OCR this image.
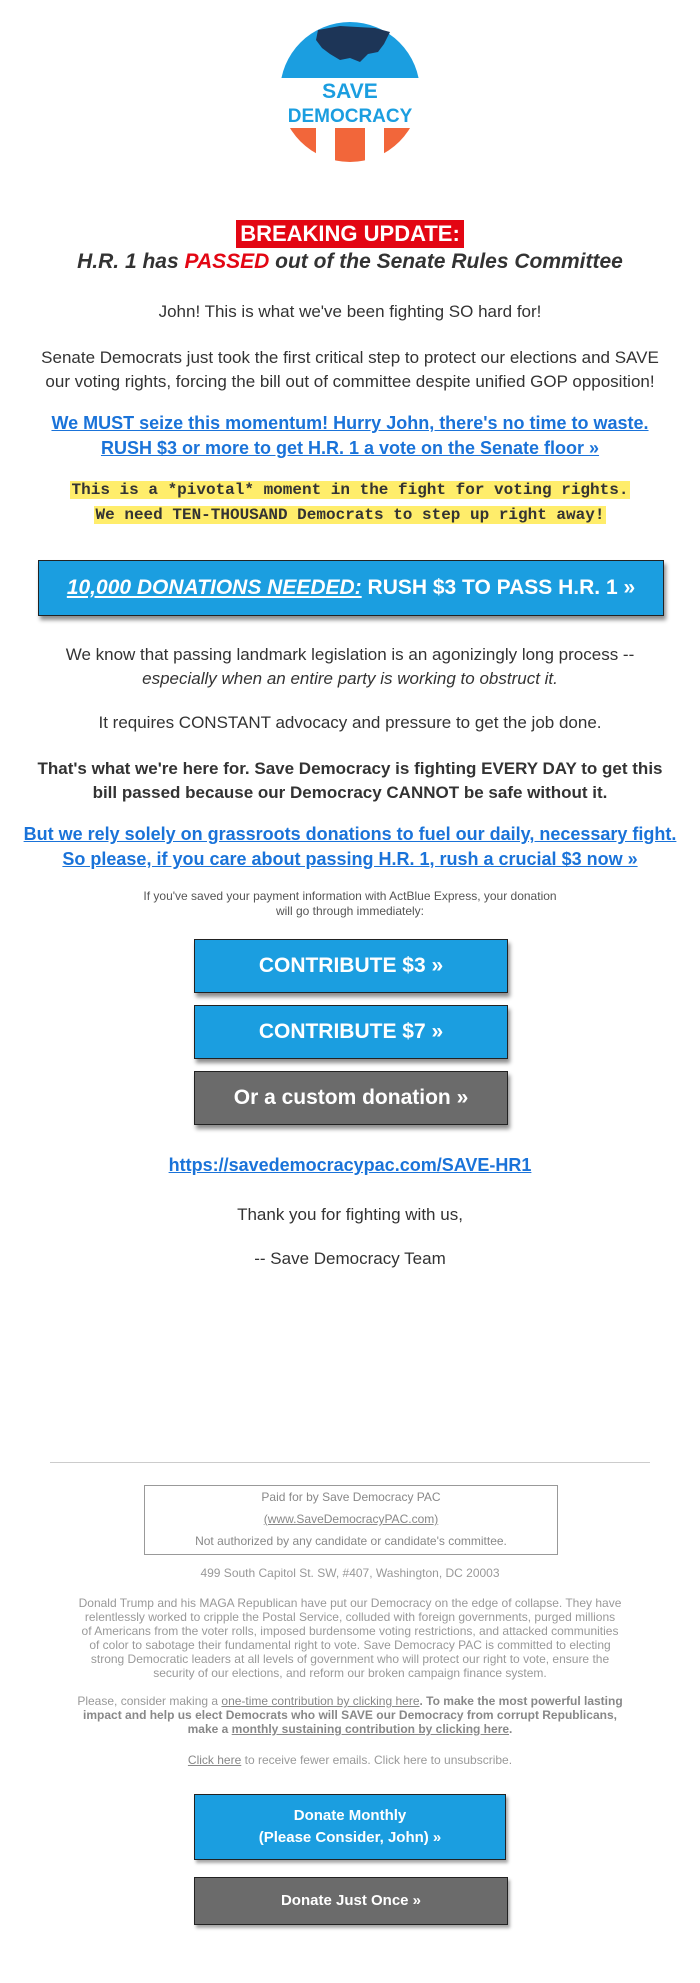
SAVE
DEMOCRACY
BREAKING UPDATE:
H.R. 1 has PASSED out of the Senate Rules Committee
John! This is what we've been fighting SO hard for!
Senate Democrats just took the first critical step to protect our elections and SAVE
our voting rights, forcing the bill out of committee despite unified GOP opposition!
We MUST seize this momentum! Hurry John, there's no time to waste.
RUSH $3 or more to get H.R. 1 a vote on the Senate floor »
This is a *pivotal* moment in the fight for voting rights.
We need TEN-THOUSAND Democrats to step up right away!
10,000 DONATIONS NEEDED: RUSH $3 TO PASS H.R. 1 »
We know that passing landmark legislation is an agonizingly long process --
especially when an entire party is working to obstruct it.
It requires CONSTANT advocacy and pressure to get the job done.
That's what we're here for. Save Democracy is fighting EVERY DAY to get this
bill passed because our Democracy CANNOT be safe without it.
But we rely solely on grassroots donations to fuel our daily, necessary fight.
So please, if you care about passing H.R. 1, rush a crucial $3 now »
If you've saved your payment information with ActBlue Express, your donation
will go through immediately:
CONTRIBUTE $3 »
CONTRIBUTE $7 »
Or a custom donation »
https://savedemocracypac.com/SAVE-HR1
Thank you for fighting with us,
-- Save Democracy Team
Paid for by Save Democracy PAC
(www.SaveDemocracyPAC.com)
Not authorized by any candidate or candidate's committee.
499 South Capitol St. SW, #407, Washington, DC 20003
Donald Trump and his MAGA Republican have put our Democracy on the edge of collapse. They have
relentlessly worked to cripple the Postal Service, colluded with foreign governments, purged millions
of Americans from the voter rolls, imposed burdensome voting restrictions, and attacked communities
of color to sabotage their fundamental right to vote. Save Democracy PAC is committed to electing
strong Democratic leaders at all levels of government who will protect our right to vote, ensure the
security of our elections, and reform our broken campaign finance system.
Please, consider making a one-time contribution by clicking here. To make the most powerful lasting
impact and help us elect Democrats who will SAVE our Democracy from corrupt Republicans,
make a monthly sustaining contribution by clicking here.
Click here to receive fewer emails. Click here to unsubscribe.
Donate Monthly
(Please Consider, John) »
Donate Just Once »
